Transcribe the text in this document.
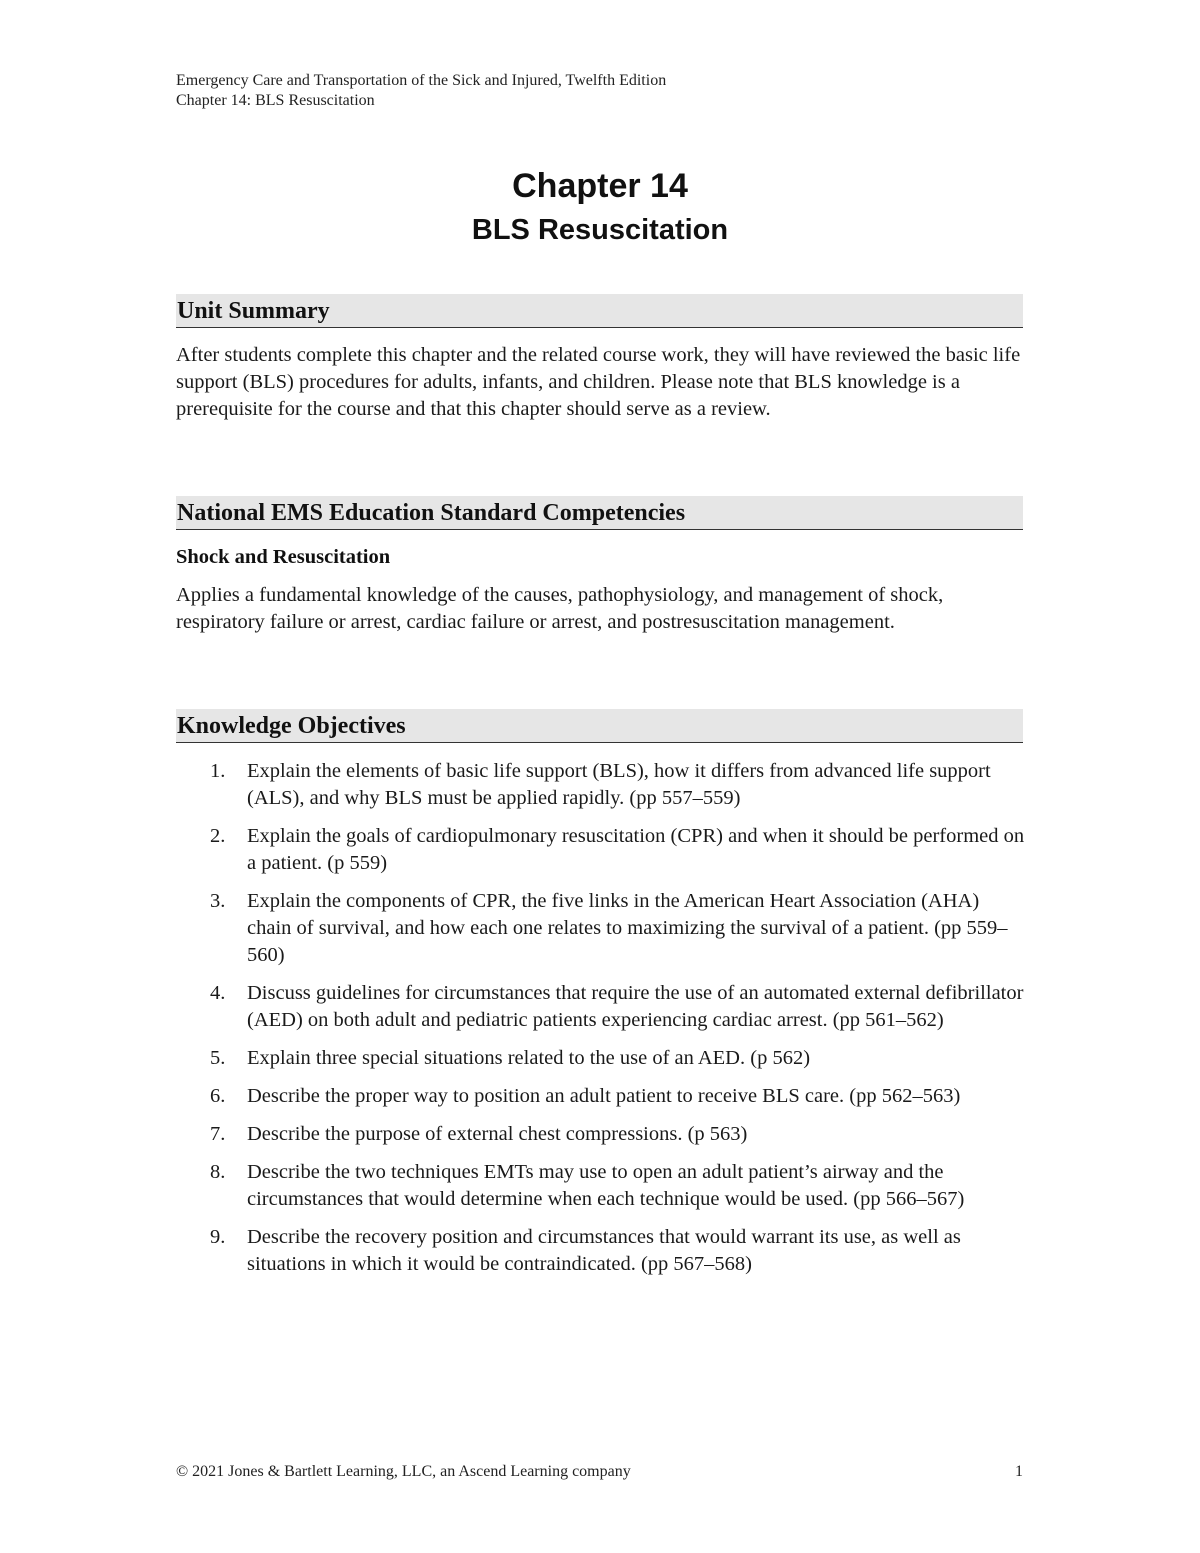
Emergency Care and Transportation of the Sick and Injured, Twelfth Edition
Chapter 14: BLS Resuscitation
Chapter 14
BLS Resuscitation
Unit Summary
After students complete this chapter and the related course work, they will have reviewed the basic life support (BLS) procedures for adults, infants, and children. Please note that BLS knowledge is a prerequisite for the course and that this chapter should serve as a review.
National EMS Education Standard Competencies
Shock and Resuscitation
Applies a fundamental knowledge of the causes, pathophysiology, and management of shock, respiratory failure or arrest, cardiac failure or arrest, and postresuscitation management.
Knowledge Objectives
1.	Explain the elements of basic life support (BLS), how it differs from advanced life support (ALS), and why BLS must be applied rapidly. (pp 557–559)
2.	Explain the goals of cardiopulmonary resuscitation (CPR) and when it should be performed on a patient. (p 559)
3.	Explain the components of CPR, the five links in the American Heart Association (AHA) chain of survival, and how each one relates to maximizing the survival of a patient. (pp 559–560)
4.	Discuss guidelines for circumstances that require the use of an automated external defibrillator (AED) on both adult and pediatric patients experiencing cardiac arrest. (pp 561–562)
5.	Explain three special situations related to the use of an AED. (p 562)
6.	Describe the proper way to position an adult patient to receive BLS care. (pp 562–563)
7.	Describe the purpose of external chest compressions. (p 563)
8.	Describe the two techniques EMTs may use to open an adult patient’s airway and the circumstances that would determine when each technique would be used. (pp 566–567)
9.	Describe the recovery position and circumstances that would warrant its use, as well as situations in which it would be contraindicated. (pp 567–568)
© 2021 Jones & Bartlett Learning, LLC, an Ascend Learning company	1
